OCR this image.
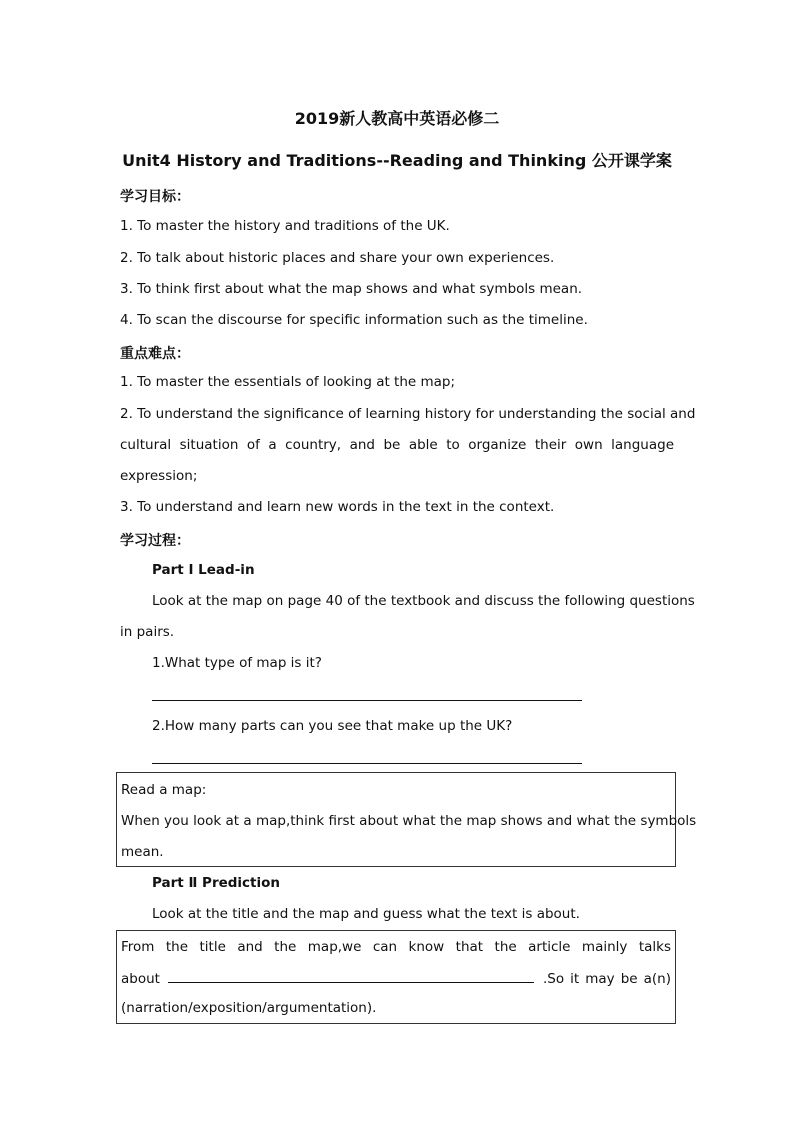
2019新人教高中英语必修二
Unit4 History and Traditions--Reading and Thinking 公开课学案
学习目标：
1. To master the history and traditions of the UK.
2. To talk about historic places and share your own experiences.
3. To think first about what the map shows and what symbols mean.
4. To scan the discourse for specific information such as the timeline.
重点难点：
1. To master the essentials of looking at the map;
2. To understand the significance of learning history for understanding the social and
cultural situation of a country, and be able to organize their own language
expression;
3. To understand and learn new words in the text in the context.
学习过程：
Part Ⅰ Lead-in
Look at the map on page 40 of the textbook and discuss the following questions
in pairs.
1.What type of map is it?
2.How many parts can you see that make up the UK?
Read a map:
When you look at a map,think first about what the map shows and what the symbols
mean.
Part Ⅱ Prediction
Look at the title and the map and guess what the text is about.
From the title and the map,we can know that the article mainly talks
about	.So it may be a(n)
(narration/exposition/argumentation).
